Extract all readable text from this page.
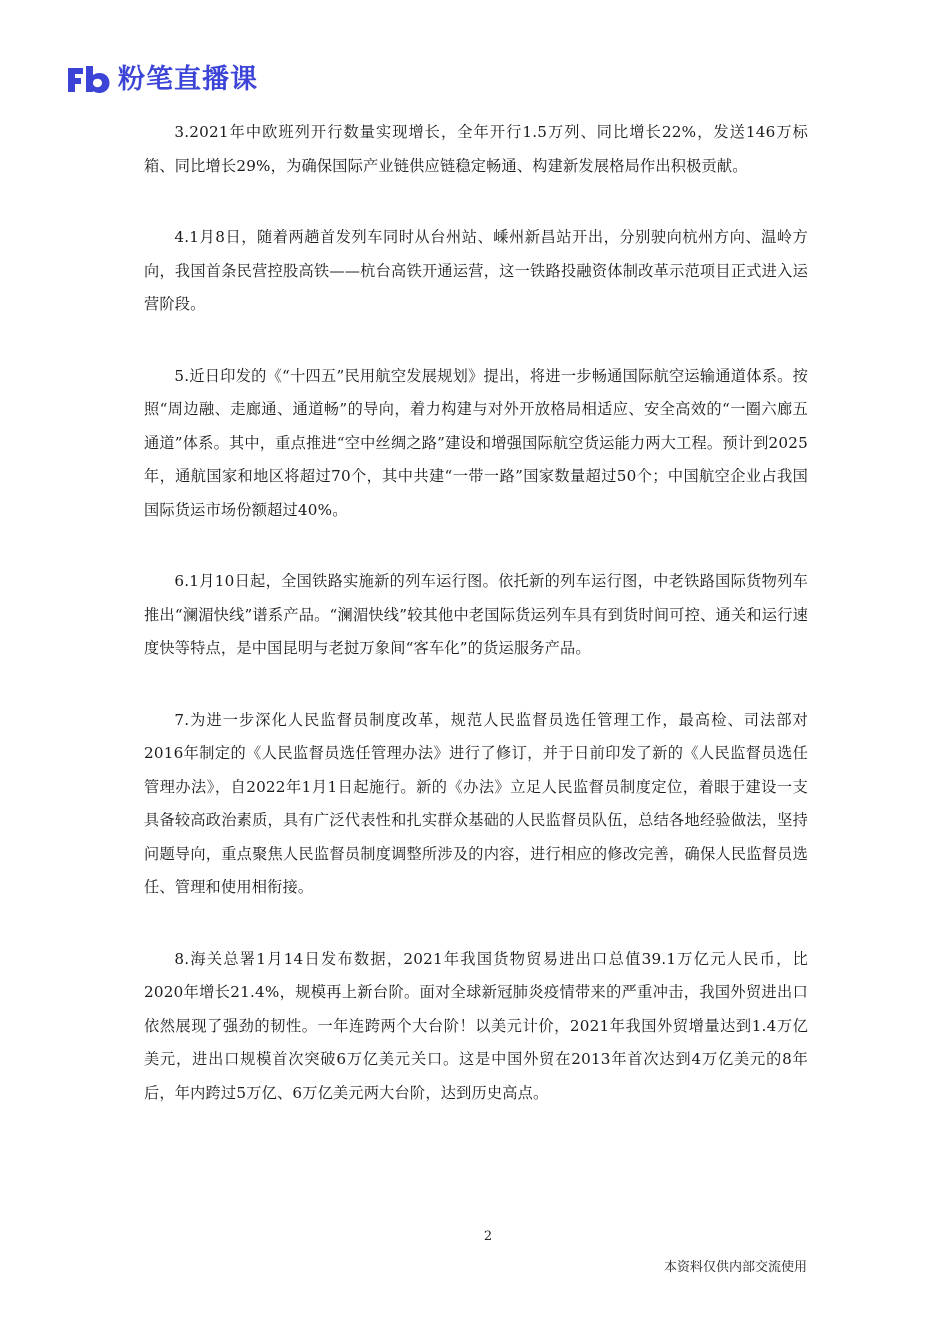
粉笔直播课

3.2021年中欧班列开行数量实现增长，全年开行1.5万列、同比增长22%，发送146万标箱、同比增长29%，为确保国际产业链供应链稳定畅通、构建新发展格局作出积极贡献。

4.1月8日，随着两趟首发列车同时从台州站、嵊州新昌站开出，分别驶向杭州方向、温岭方向，我国首条民营控股高铁——杭台高铁开通运营，这一铁路投融资体制改革示范项目正式进入运营阶段。

5.近日印发的《“十四五”民用航空发展规划》提出，将进一步畅通国际航空运输通道体系。按照“周边融、走廊通、通道畅”的导向，着力构建与对外开放格局相适应、安全高效的“一圈六廊五通道”体系。其中，重点推进“空中丝绸之路”建设和增强国际航空货运能力两大工程。预计到2025年，通航国家和地区将超过70个，其中共建“一带一路”国家数量超过50个；中国航空企业占我国国际货运市场份额超过40%。

6.1月10日起，全国铁路实施新的列车运行图。依托新的列车运行图，中老铁路国际货物列车推出“澜湄快线”谱系产品。“澜湄快线”较其他中老国际货运列车具有到货时间可控、通关和运行速度快等特点，是中国昆明与老挝万象间“客车化”的货运服务产品。

7.为进一步深化人民监督员制度改革，规范人民监督员选任管理工作，最高检、司法部对2016年制定的《人民监督员选任管理办法》进行了修订，并于日前印发了新的《人民监督员选任管理办法》，自2022年1月1日起施行。新的《办法》立足人民监督员制度定位，着眼于建设一支具备较高政治素质，具有广泛代表性和扎实群众基础的人民监督员队伍，总结各地经验做法，坚持问题导向，重点聚焦人民监督员制度调整所涉及的内容，进行相应的修改完善，确保人民监督员选任、管理和使用相衔接。

8.海关总署1月14日发布数据，2021年我国货物贸易进出口总值39.1万亿元人民币，比2020年增长21.4%，规模再上新台阶。面对全球新冠肺炎疫情带来的严重冲击，我国外贸进出口依然展现了强劲的韧性。一年连跨两个大台阶！以美元计价，2021年我国外贸增量达到1.4万亿美元，进出口规模首次突破6万亿美元关口。这是中国外贸在2013年首次达到4万亿美元的8年后，年内跨过5万亿、6万亿美元两大台阶，达到历史高点。

2
本资料仅供内部交流使用
